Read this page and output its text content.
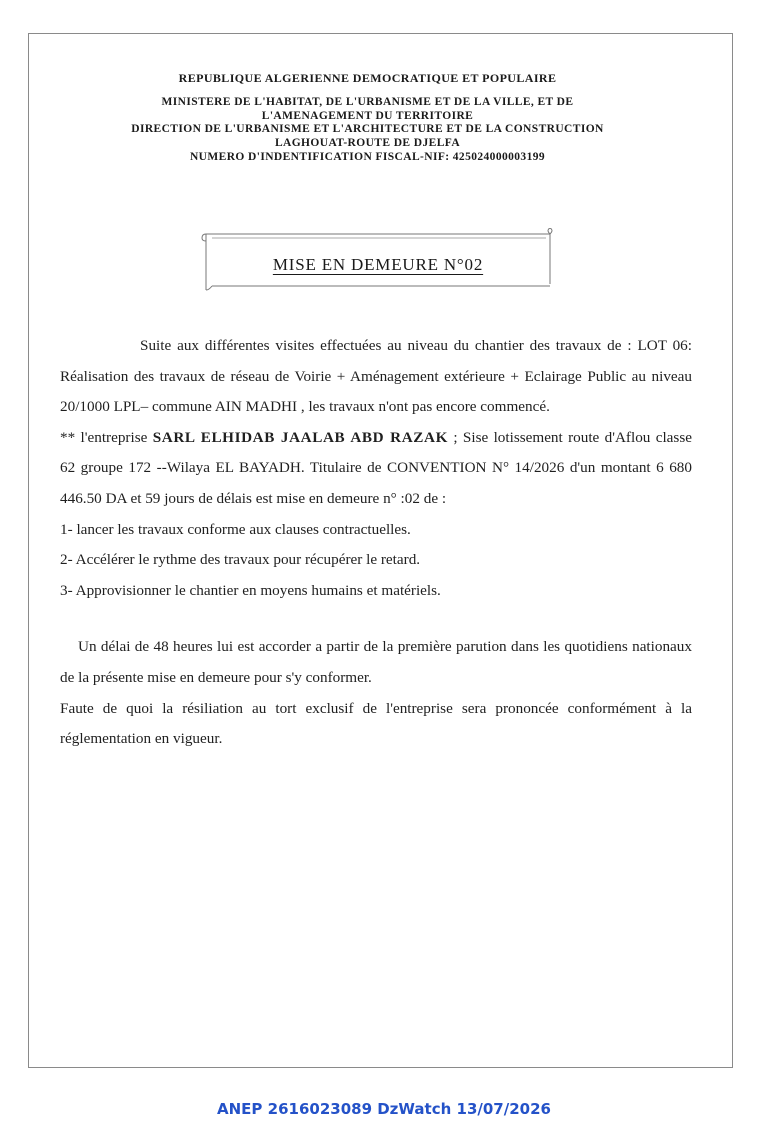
REPUBLIQUE ALGERIENNE DEMOCRATIQUE ET POPULAIRE
MINISTERE DE L'HABITAT, DE L'URBANISME ET DE LA VILLE, ET DE
L'AMENAGEMENT DU TERRITOIRE
DIRECTION DE L'URBANISME ET L'ARCHITECTURE ET DE LA CONSTRUCTION
LAGHOUAT-ROUTE DE DJELFA
NUMERO D'INDENTIFICATION FISCAL-NIF: 425024000003199
MISE EN DEMEURE N°02

Suite aux différentes visites effectuées au niveau du chantier des travaux de : LOT 06: Réalisation des travaux de réseau de Voirie + Aménagement extérieure + Eclairage Public au niveau 20/1000 LPL– commune AIN MADHI , les travaux n'ont pas encore commencé.

** l'entreprise SARL ELHIDAB JAALAB ABD RAZAK ; Sise lotissement route d'Aflou classe 62 groupe 172 --Wilaya EL BAYADH. Titulaire de CONVENTION N° 14/2026 d'un montant 6 680 446.50 DA et 59 jours de délais est mise en demeure n° :02 de :

1- lancer les travaux conforme aux clauses contractuelles.

2- Accélérer le rythme des travaux pour récupérer le retard.

3- Approvisionner le chantier en moyens humains et matériels.

Un délai de 48 heures lui est accorder a partir de la première parution dans les quotidiens nationaux de la présente mise en demeure pour s'y conformer.

Faute de quoi la résiliation au tort exclusif de l'entreprise sera prononcée conformément à la réglementation en vigueur.

ANEP 2616023089 DzWatch 13/07/2026
